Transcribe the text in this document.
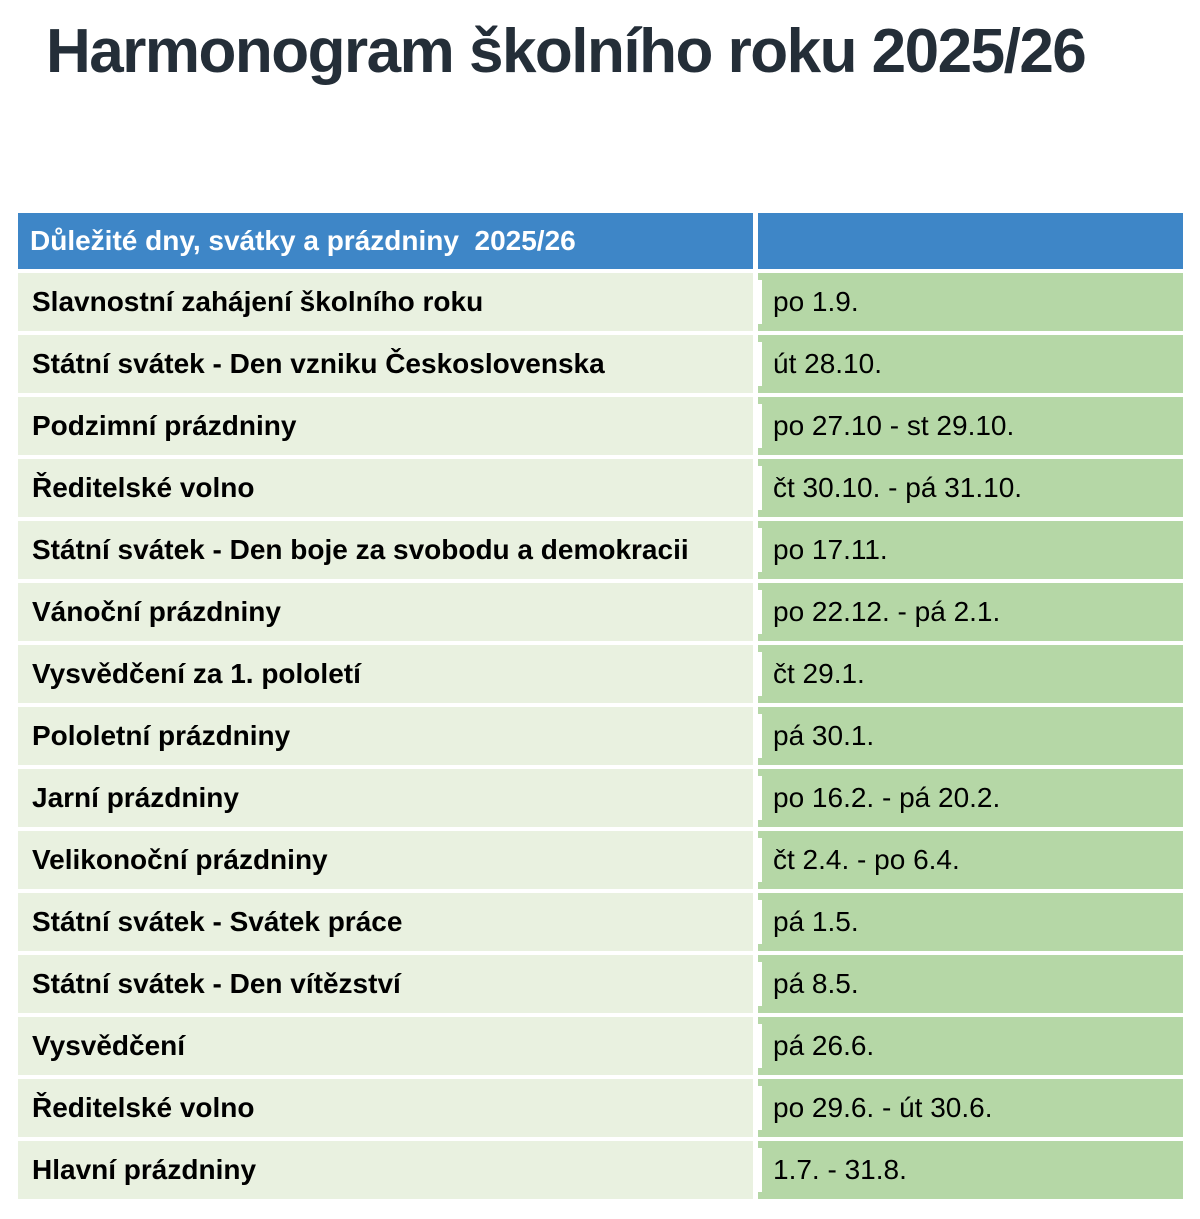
Harmonogram školního roku 2025/26
Důležité dny, svátky a prázdniny  2025/26
Slavnostní zahájení školního roku	po 1.9.
Státní svátek - Den vzniku Československa	út 28.10.
Podzimní prázdniny	po 27.10 - st 29.10.
Ředitelské volno	čt 30.10. - pá 31.10.
Státní svátek - Den boje za svobodu a demokracii	po 17.11.
Vánoční prázdniny	po 22.12. - pá 2.1.
Vysvědčení za 1. pololetí	čt 29.1.
Pololetní prázdniny	pá 30.1.
Jarní prázdniny	po 16.2. - pá 20.2.
Velikonoční prázdniny	čt 2.4. - po 6.4.
Státní svátek - Svátek práce	pá 1.5.
Státní svátek - Den vítězství	pá 8.5.
Vysvědčení	pá 26.6.
Ředitelské volno	po 29.6. - út 30.6.
Hlavní prázdniny	1.7. - 31.8.
